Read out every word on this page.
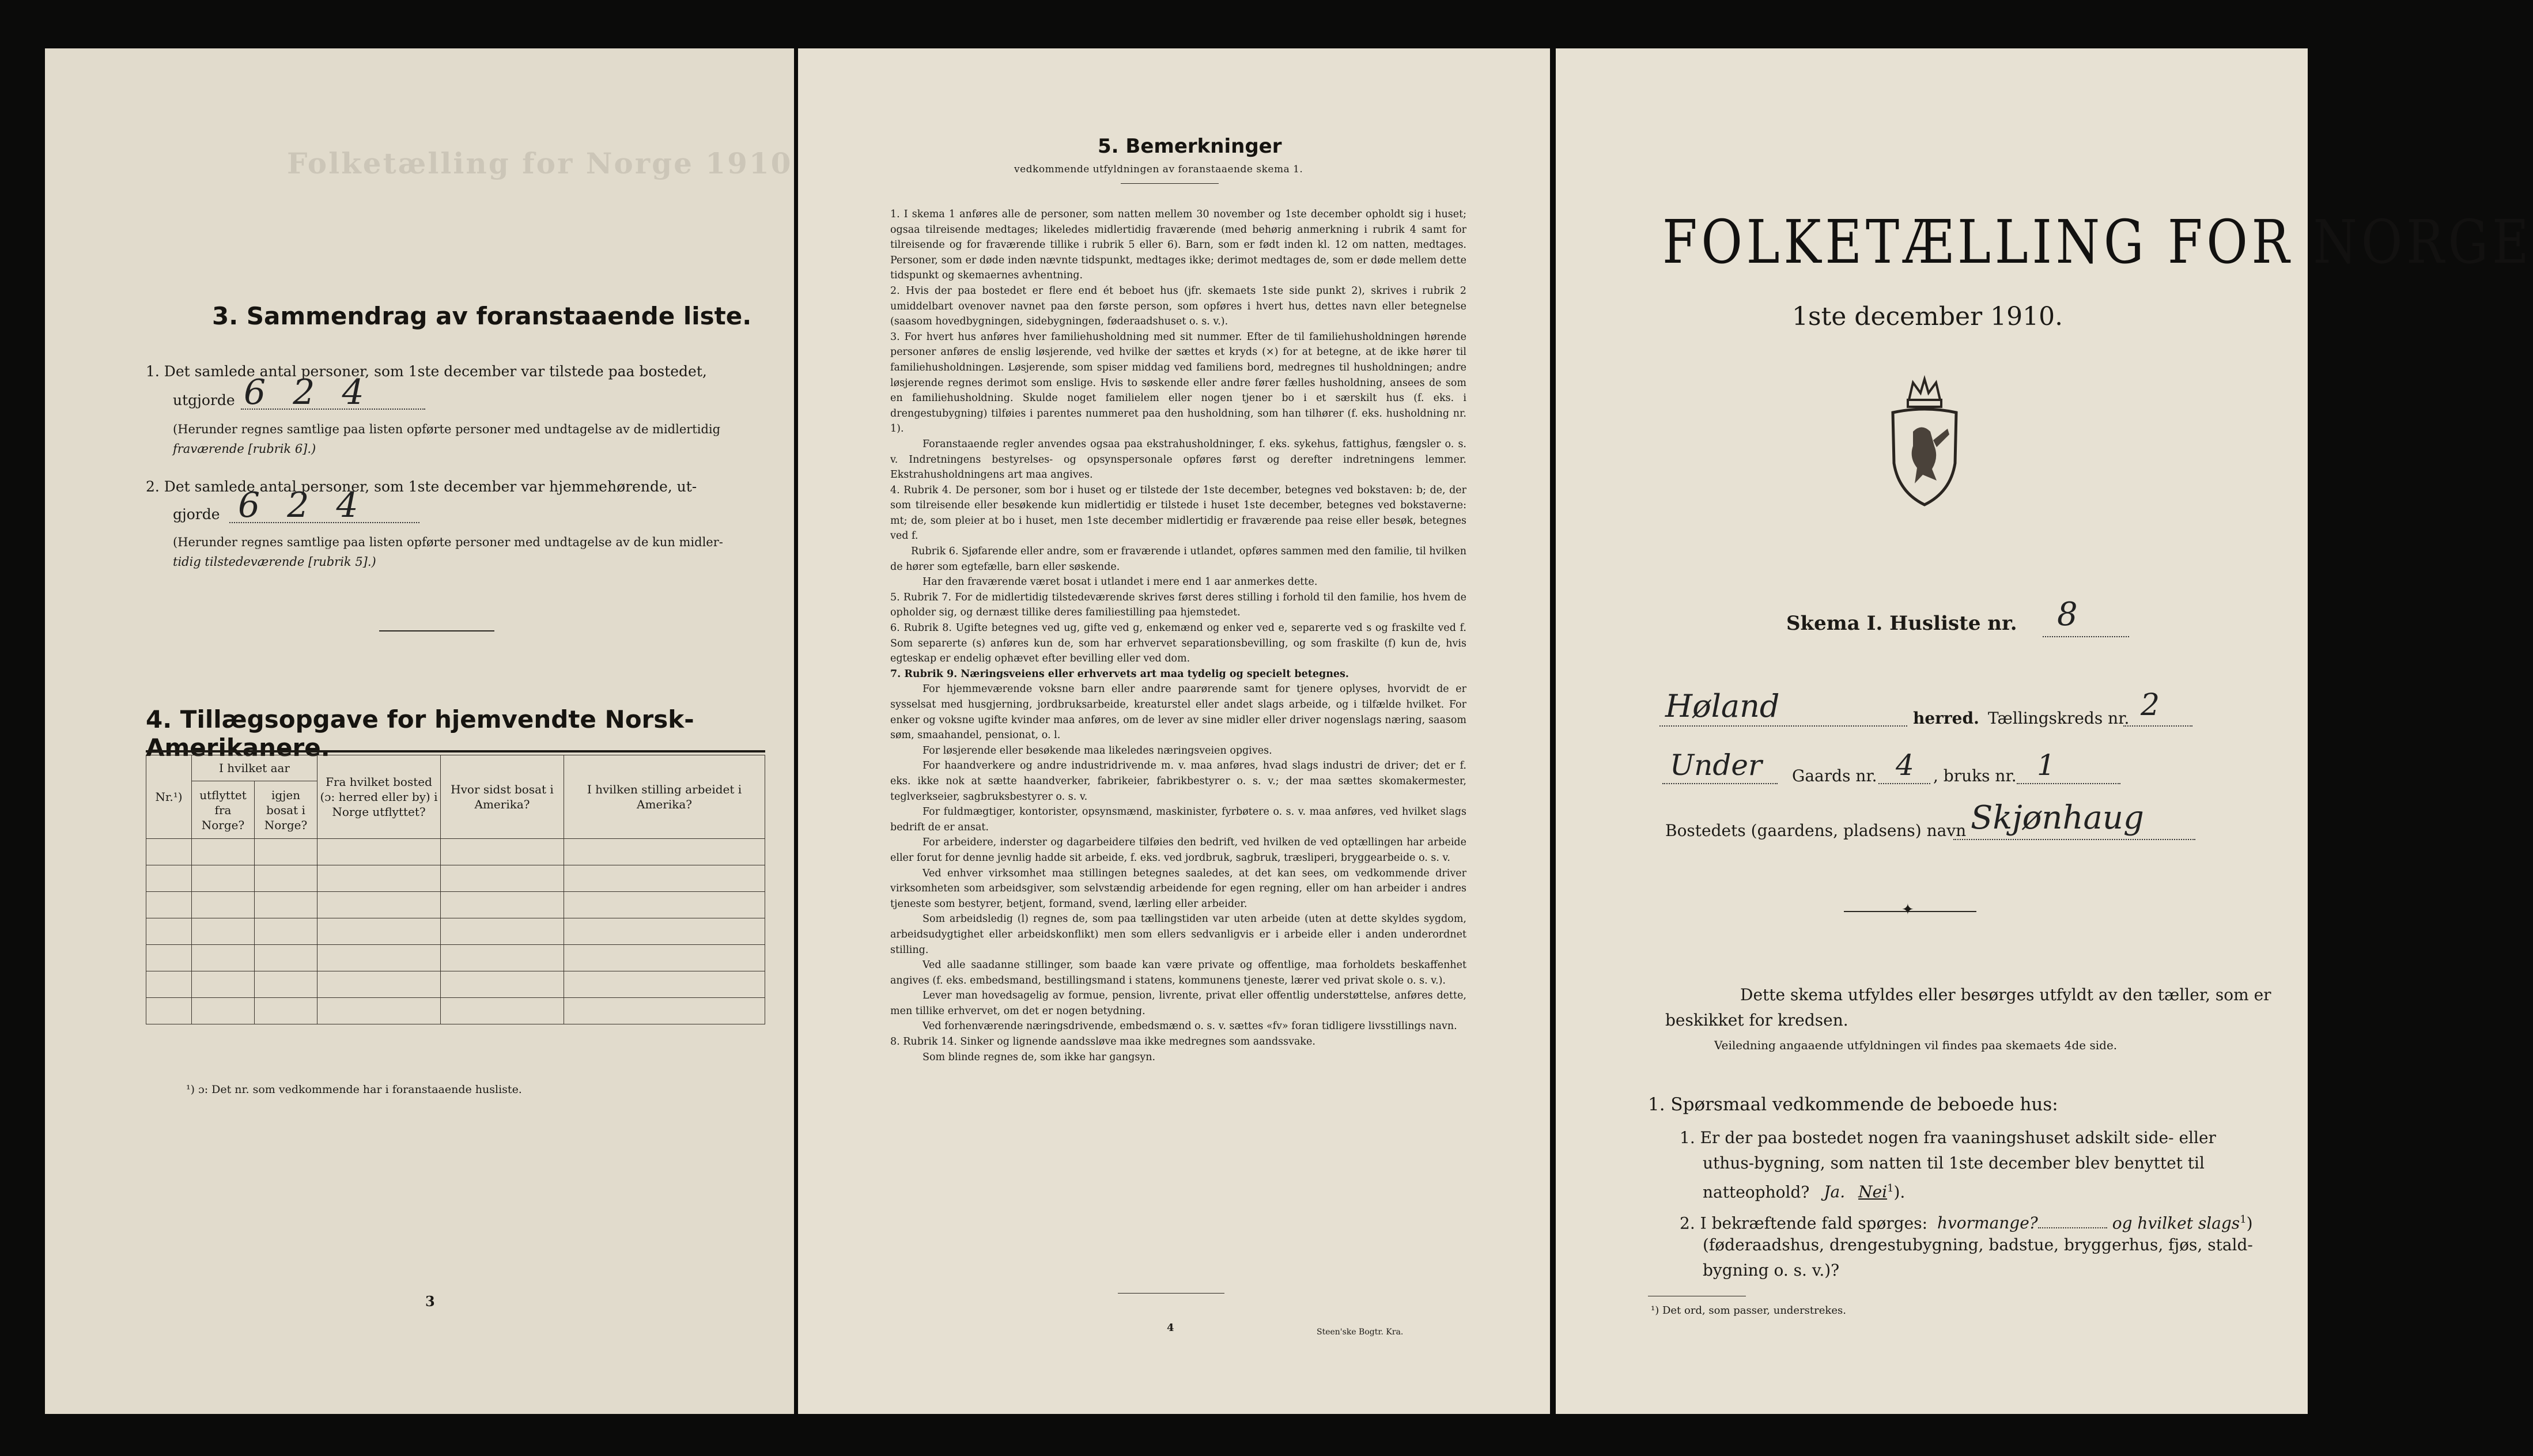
Folketælling for Norge 1910
3. Sammendrag av foranstaaende liste.
1. Det samlede antal personer, som 1ste december var tilstede paa bostedet,
utgjorde 6 2 4
(Herunder regnes samtlige paa listen opførte personer med undtagelse av de midlertidig
fraværende [rubrik 6].)
2. Det samlede antal personer, som 1ste december var hjemmehørende, ut-
gjorde 6 2 4
(Herunder regnes samtlige paa listen opførte personer med undtagelse av de kun midler-
tidig tilstedeværende [rubrik 5].)
4. Tillægsopgave for hjemvendte Norsk-Amerikanere.
Nr.¹)	I hvilket aar		Fra hvilket bosted (ɔ: herred eller by) i Norge utflyttet?	Hvor sidst bosat i Amerika?	I hvilken stilling arbeidet i Amerika?
	utflyttet fra Norge?	igjen bosat i Norge?			

¹) ɔ: Det nr. som vedkommende har i foranstaaende husliste.
3
5. Bemerkninger
vedkommende utfyldningen av foranstaaende skema 1.

1. I skema 1 anføres alle de personer, som natten mellem 30 november og 1ste december opholdt sig i huset; ogsaa tilreisende medtages; likeledes midlertidig fraværende (med behørig anmerkning i rubrik 4 samt for tilreisende og for fraværende tillike i rubrik 5 eller 6). Barn, som er født inden kl. 12 om natten, medtages. Personer, som er døde inden nævnte tidspunkt, medtages ikke; derimot medtages de, som er døde mellem dette tidspunkt og skemaernes avhentning.

2. Hvis der paa bostedet er flere end ét beboet hus (jfr. skemaets 1ste side punkt 2), skrives i rubrik 2 umiddelbart ovenover navnet paa den første person, som opføres i hvert hus, dettes navn eller betegnelse (saasom hovedbygningen, sidebygningen, føderaadshuset o. s. v.).

3. For hvert hus anføres hver familiehusholdning med sit nummer. Efter de til familiehusholdningen hørende personer anføres de enslig løsjerende, ved hvilke der sættes et kryds (×) for at betegne, at de ikke hører til familiehusholdningen. Løsjerende, som spiser middag ved familiens bord, medregnes til husholdningen; andre løsjerende regnes derimot som enslige. Hvis to søskende eller andre fører fælles husholdning, ansees de som en familiehusholdning. Skulde noget familielem eller nogen tjener bo i et særskilt hus (f. eks. i drengestubygning) tilføies i parentes nummeret paa den husholdning, som han tilhører (f. eks. husholdning nr. 1).

Foranstaaende regler anvendes ogsaa paa ekstrahusholdninger, f. eks. sykehus, fattighus, fængsler o. s. v. Indretningens bestyrelses- og opsynspersonale opføres først og derefter indretningens lemmer. Ekstrahusholdningens art maa angives.

4. Rubrik 4. De personer, som bor i huset og er tilstede der 1ste december, betegnes ved bokstaven: b; de, der som tilreisende eller besøkende kun midlertidig er tilstede i huset 1ste december, betegnes ved bokstaverne: mt; de, som pleier at bo i huset, men 1ste december midlertidig er fraværende paa reise eller besøk, betegnes ved f.

Rubrik 6. Sjøfarende eller andre, som er fraværende i utlandet, opføres sammen med den familie, til hvilken de hører som egtefælle, barn eller søskende.

Har den fraværende været bosat i utlandet i mere end 1 aar anmerkes dette.

5. Rubrik 7. For de midlertidig tilstedeværende skrives først deres stilling i forhold til den familie, hos hvem de opholder sig, og dernæst tillike deres familiestilling paa hjemstedet.

6. Rubrik 8. Ugifte betegnes ved ug, gifte ved g, enkemænd og enker ved e, separerte ved s og fraskilte ved f. Som separerte (s) anføres kun de, som har erhvervet separationsbevilling, og som fraskilte (f) kun de, hvis egteskap er endelig ophævet efter bevilling eller ved dom.

7. Rubrik 9. Næringsveiens eller erhvervets art maa tydelig og specielt betegnes.

For hjemmeværende voksne barn eller andre paarørende samt for tjenere oplyses, hvorvidt de er sysselsat med husgjerning, jordbruksarbeide, kreaturstel eller andet slags arbeide, og i tilfælde hvilket. For enker og voksne ugifte kvinder maa anføres, om de lever av sine midler eller driver nogenslags næring, saasom søm, smaahandel, pensionat, o. l.

For løsjerende eller besøkende maa likeledes næringsveien opgives.

For haandverkere og andre industridrivende m. v. maa anføres, hvad slags industri de driver; det er f. eks. ikke nok at sætte haandverker, fabrikeier, fabrikbestyrer o. s. v.; der maa sættes skomakermester, teglverkseier, sagbruksbestyrer o. s. v.

For fuldmægtiger, kontorister, opsynsmænd, maskinister, fyrbøtere o. s. v. maa anføres, ved hvilket slags bedrift de er ansat.

For arbeidere, inderster og dagarbeidere tilføies den bedrift, ved hvilken de ved optællingen har arbeide eller forut for denne jevnlig hadde sit arbeide, f. eks. ved jordbruk, sagbruk, træsliperi, bryggearbeide o. s. v.

Ved enhver virksomhet maa stillingen betegnes saaledes, at det kan sees, om vedkommende driver virksomheten som arbeidsgiver, som selvstændig arbeidende for egen regning, eller om han arbeider i andres tjeneste som bestyrer, betjent, formand, svend, lærling eller arbeider.

Som arbeidsledig (l) regnes de, som paa tællingstiden var uten arbeide (uten at dette skyldes sygdom, arbeidsudygtighet eller arbeidskonflikt) men som ellers sedvanligvis er i arbeide eller i anden underordnet stilling.

Ved alle saadanne stillinger, som baade kan være private og offentlige, maa forholdets beskaffenhet angives (f. eks. embedsmand, bestillingsmand i statens, kommunens tjeneste, lærer ved privat skole o. s. v.).

Lever man hovedsagelig av formue, pension, livrente, privat eller offentlig understøttelse, anføres dette, men tillike erhvervet, om det er nogen betydning.

Ved forhenværende næringsdrivende, embedsmænd o. s. v. sættes «fv» foran tidligere livsstillings navn.

8. Rubrik 14. Sinker og lignende aandssløve maa ikke medregnes som aandssvake.

Som blinde regnes de, som ikke har gangsyn.

4	Steen'ske Bogtr. Kra.
FOLKETÆLLING FOR NORGE
1ste december 1910.
Skema I. Husliste nr. 8
Høland	herred. Tællingskreds nr. 2
Under Gaards nr. 4 , bruks nr. 1
Bostedets (gaardens, pladsens) navn Skjønhaug
✦
Dette skema utfyldes eller besørges utfyldt av den tæller, som er
beskikket for kredsen.
Veiledning angaaende utfyldningen vil findes paa skemaets 4de side.
1. Spørsmaal vedkommende de beboede hus:
1. Er der paa bostedet nogen fra vaaningshuset adskilt side- eller
uthus-bygning, som natten til 1ste december blev benyttet til
natteophold? Ja. Nei$^1$).
2. I bekræftende fald spørges: hvormange?	og hvilket slags$^1$)
(føderaadshus, drengestubygning, badstue, bryggerhus, fjøs, stald-
bygning o. s. v.)?
¹) Det ord, som passer, understrekes.
